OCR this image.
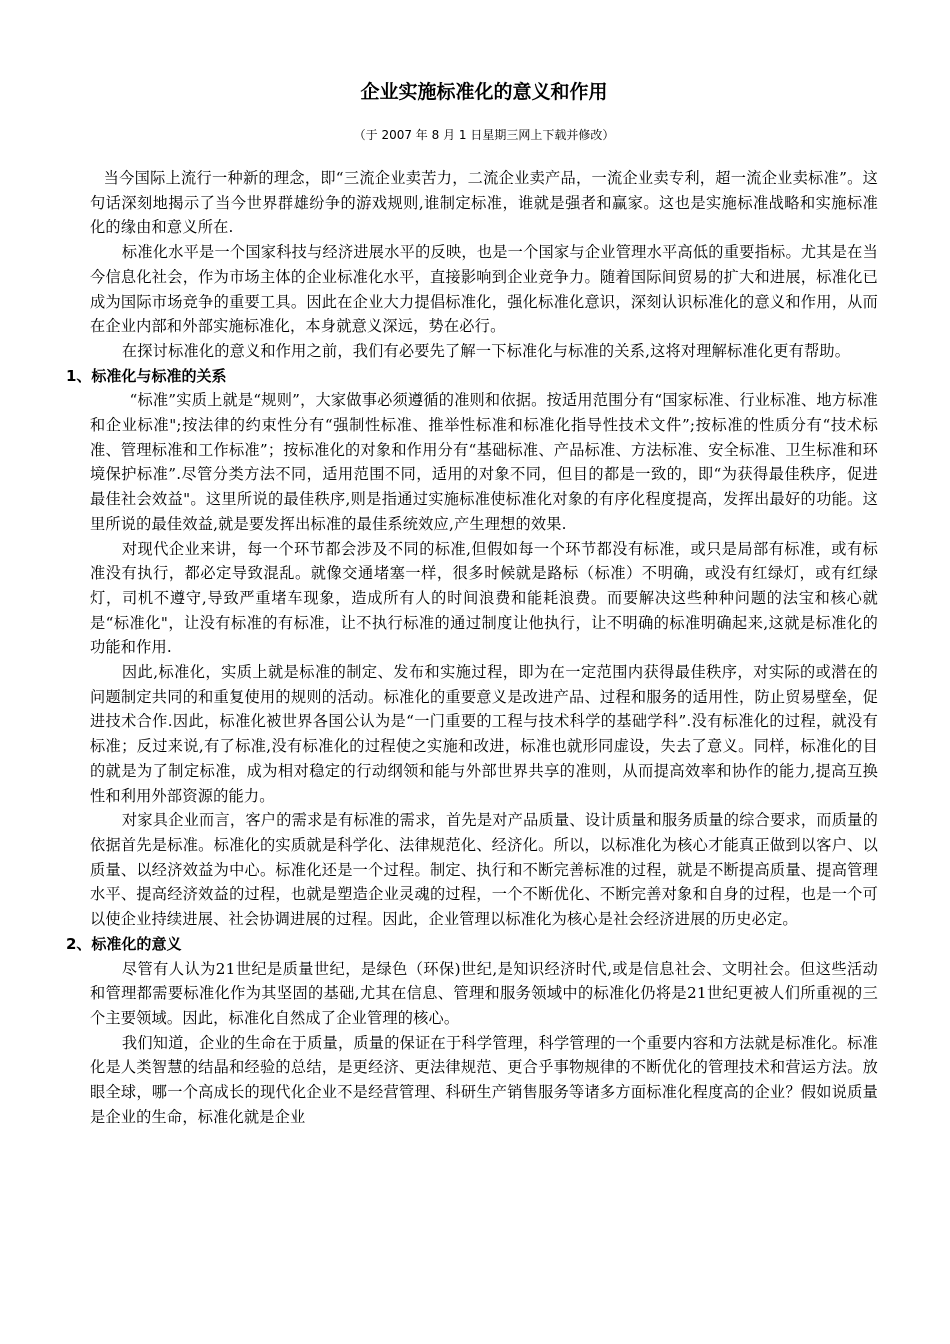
企业实施标准化的意义和作用
（于 2007 年 8 月 1 日星期三网上下载并修改）

当今国际上流行一种新的理念，即“三流企业卖苦力，二流企业卖产品，一流企业卖专利，超一流企业卖标准”。这句话深刻地揭示了当今世界群雄纷争的游戏规则,谁制定标准，谁就是强者和赢家。这也是实施标准战略和实施标准化的缘由和意义所在.

标准化水平是一个国家科技与经济进展水平的反映，也是一个国家与企业管理水平高低的重要指标。尤其是在当今信息化社会，作为市场主体的企业标准化水平，直接影响到企业竞争力。随着国际间贸易的扩大和进展，标准化已成为国际市场竞争的重要工具。因此在企业大力提倡标准化，强化标准化意识，深刻认识标准化的意义和作用，从而在企业内部和外部实施标准化，本身就意义深远，势在必行。

在探讨标准化的意义和作用之前，我们有必要先了解一下标准化与标准的关系,这将对理解标准化更有帮助。

1、标准化与标准的关系

“标准”实质上就是“规则”，大家做事必须遵循的准则和依据。按适用范围分有“国家标准、行业标准、地方标准和企业标准";按法律的约束性分有“强制性标准、推举性标准和标准化指导性技术文件”;按标准的性质分有“技术标准、管理标准和工作标准”；按标准化的对象和作用分有“基础标准、产品标准、方法标准、安全标准、卫生标准和环境保护标准”.尽管分类方法不同，适用范围不同，适用的对象不同，但目的都是一致的，即“为获得最佳秩序，促进最佳社会效益"。这里所说的最佳秩序,则是指通过实施标准使标准化对象的有序化程度提高，发挥出最好的功能。这里所说的最佳效益,就是要发挥出标准的最佳系统效应,产生理想的效果.

对现代企业来讲，每一个环节都会涉及不同的标准,但假如每一个环节都没有标准，或只是局部有标准，或有标准没有执行，都必定导致混乱。就像交通堵塞一样，很多时候就是路标（标准）不明确，或没有红绿灯，或有红绿灯，司机不遵守,导致严重堵车现象，造成所有人的时间浪费和能耗浪费。而要解决这些种种问题的法宝和核心就是“标准化"，让没有标准的有标准，让不执行标准的通过制度让他执行，让不明确的标准明确起来,这就是标准化的功能和作用.

因此,标准化，实质上就是标准的制定、发布和实施过程，即为在一定范围内获得最佳秩序，对实际的或潜在的问题制定共同的和重复使用的规则的活动。标准化的重要意义是改进产品、过程和服务的适用性，防止贸易壁垒，促进技术合作.因此，标准化被世界各国公认为是“一门重要的工程与技术科学的基础学科”.没有标准化的过程，就没有标准；反过来说,有了标准,没有标准化的过程使之实施和改进，标准也就形同虚设，失去了意义。同样，标准化的目的就是为了制定标准，成为相对稳定的行动纲领和能与外部世界共享的准则，从而提高效率和协作的能力,提高互换性和利用外部资源的能力。

对家具企业而言，客户的需求是有标准的需求，首先是对产品质量、设计质量和服务质量的综合要求，而质量的依据首先是标准。标准化的实质就是科学化、法律规范化、经济化。所以，以标准化为核心才能真正做到以客户、以质量、以经济效益为中心。标准化还是一个过程。制定、执行和不断完善标准的过程，就是不断提高质量、提高管理水平、提高经济效益的过程，也就是塑造企业灵魂的过程，一个不断优化、不断完善对象和自身的过程，也是一个可以使企业持续进展、社会协调进展的过程。因此，企业管理以标准化为核心是社会经济进展的历史必定。

2、标准化的意义

尽管有人认为21世纪是质量世纪，是绿色（环保)世纪,是知识经济时代,或是信息社会、文明社会。但这些活动和管理都需要标准化作为其坚固的基础,尤其在信息、管理和服务领域中的标准化仍将是21世纪更被人们所重视的三个主要领域。因此，标准化自然成了企业管理的核心。

我们知道，企业的生命在于质量，质量的保证在于科学管理，科学管理的一个重要内容和方法就是标准化。标准化是人类智慧的结晶和经验的总结，是更经济、更法律规范、更合乎事物规律的不断优化的管理技术和营运方法。放眼全球，哪一个高成长的现代化企业不是经营管理、科研生产销售服务等诸多方面标准化程度高的企业？假如说质量是企业的生命，标准化就是企业
